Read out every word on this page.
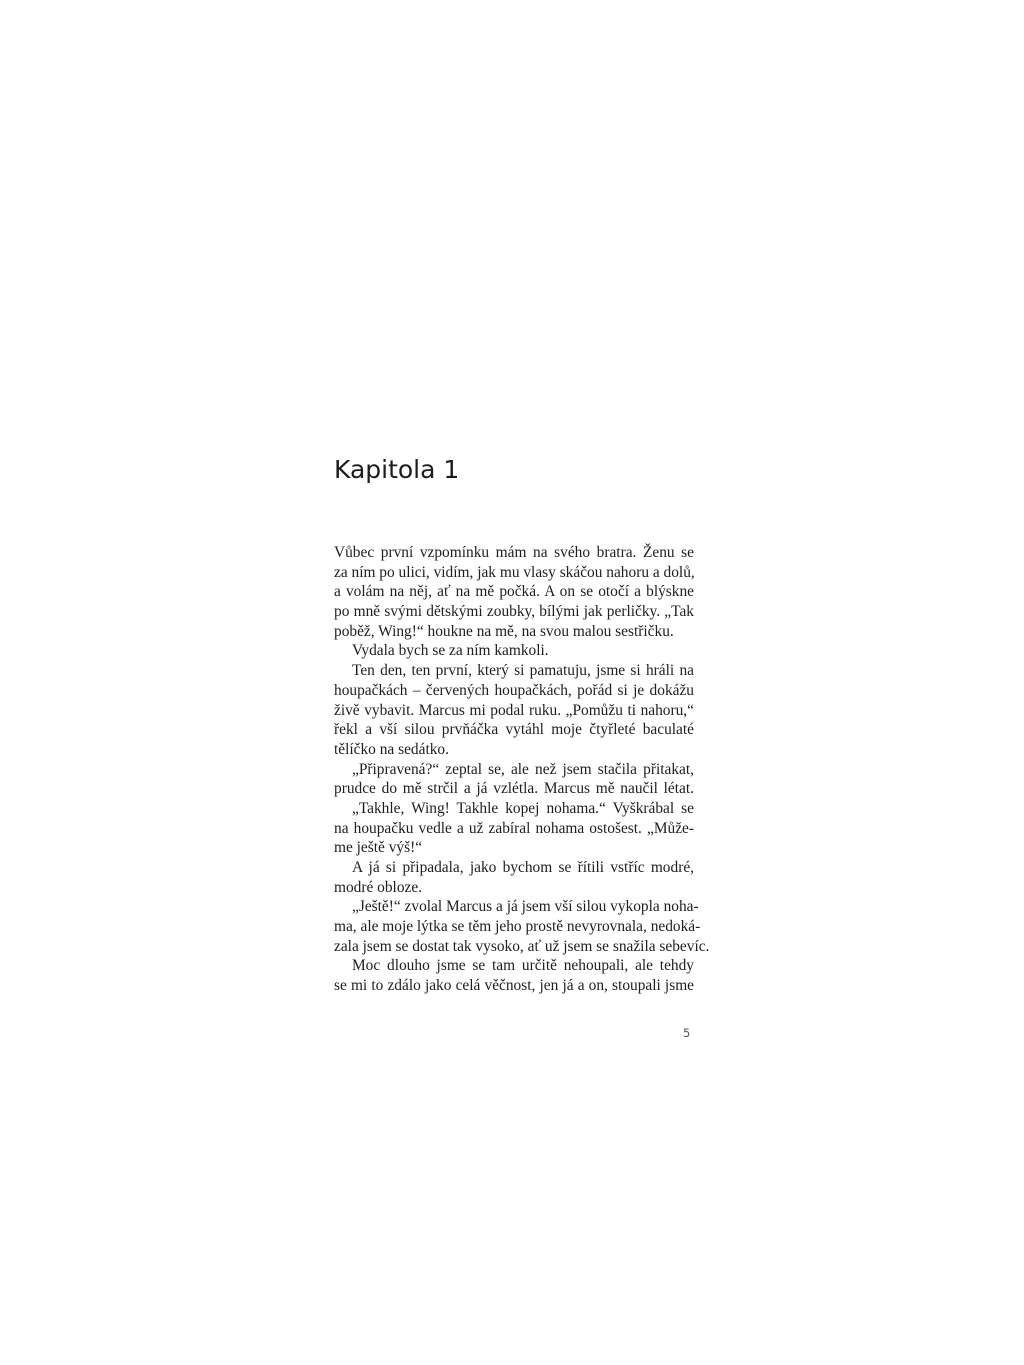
Kapitola 1

Vůbec první vzpomínku mám na svého bratra. Ženu se
za ním po ulici, vidím, jak mu vlasy skáčou nahoru a dolů,
a volám na něj, ať na mě počká. A on se otočí a blýskne
po mně svými dětskými zoubky, bílými jak perličky. „Tak
poběž, Wing!“ houkne na mě, na svou malou sestřičku.

Vydala bych se za ním kamkoli.

Ten den, ten první, který si pamatuju, jsme si hráli na
houpačkách – červených houpačkách, pořád si je dokážu
živě vybavit. Marcus mi podal ruku. „Pomůžu ti nahoru,“
řekl a vší silou prvňáčka vytáhl moje čtyřleté baculaté
tělíčko na sedátko.

„Připravená?“ zeptal se, ale než jsem stačila přitakat,
prudce do mě strčil a já vzlétla. Marcus mě naučil létat.

„Takhle, Wing! Takhle kopej nohama.“ Vyškrábal se
na houpačku vedle a už zabíral nohama ostošest. „Může-
me ještě výš!“

A já si připadala, jako bychom se řítili vstříc modré,
modré obloze.

„Ještě!“ zvolal Marcus a já jsem vší silou vykopla noha-
ma, ale moje lýtka se těm jeho prostě nevyrovnala, nedoká-
zala jsem se dostat tak vysoko, ať už jsem se snažila sebevíc.

Moc dlouho jsme se tam určitě nehoupali, ale tehdy
se mi to zdálo jako celá věčnost, jen já a on, stoupali jsme

5
